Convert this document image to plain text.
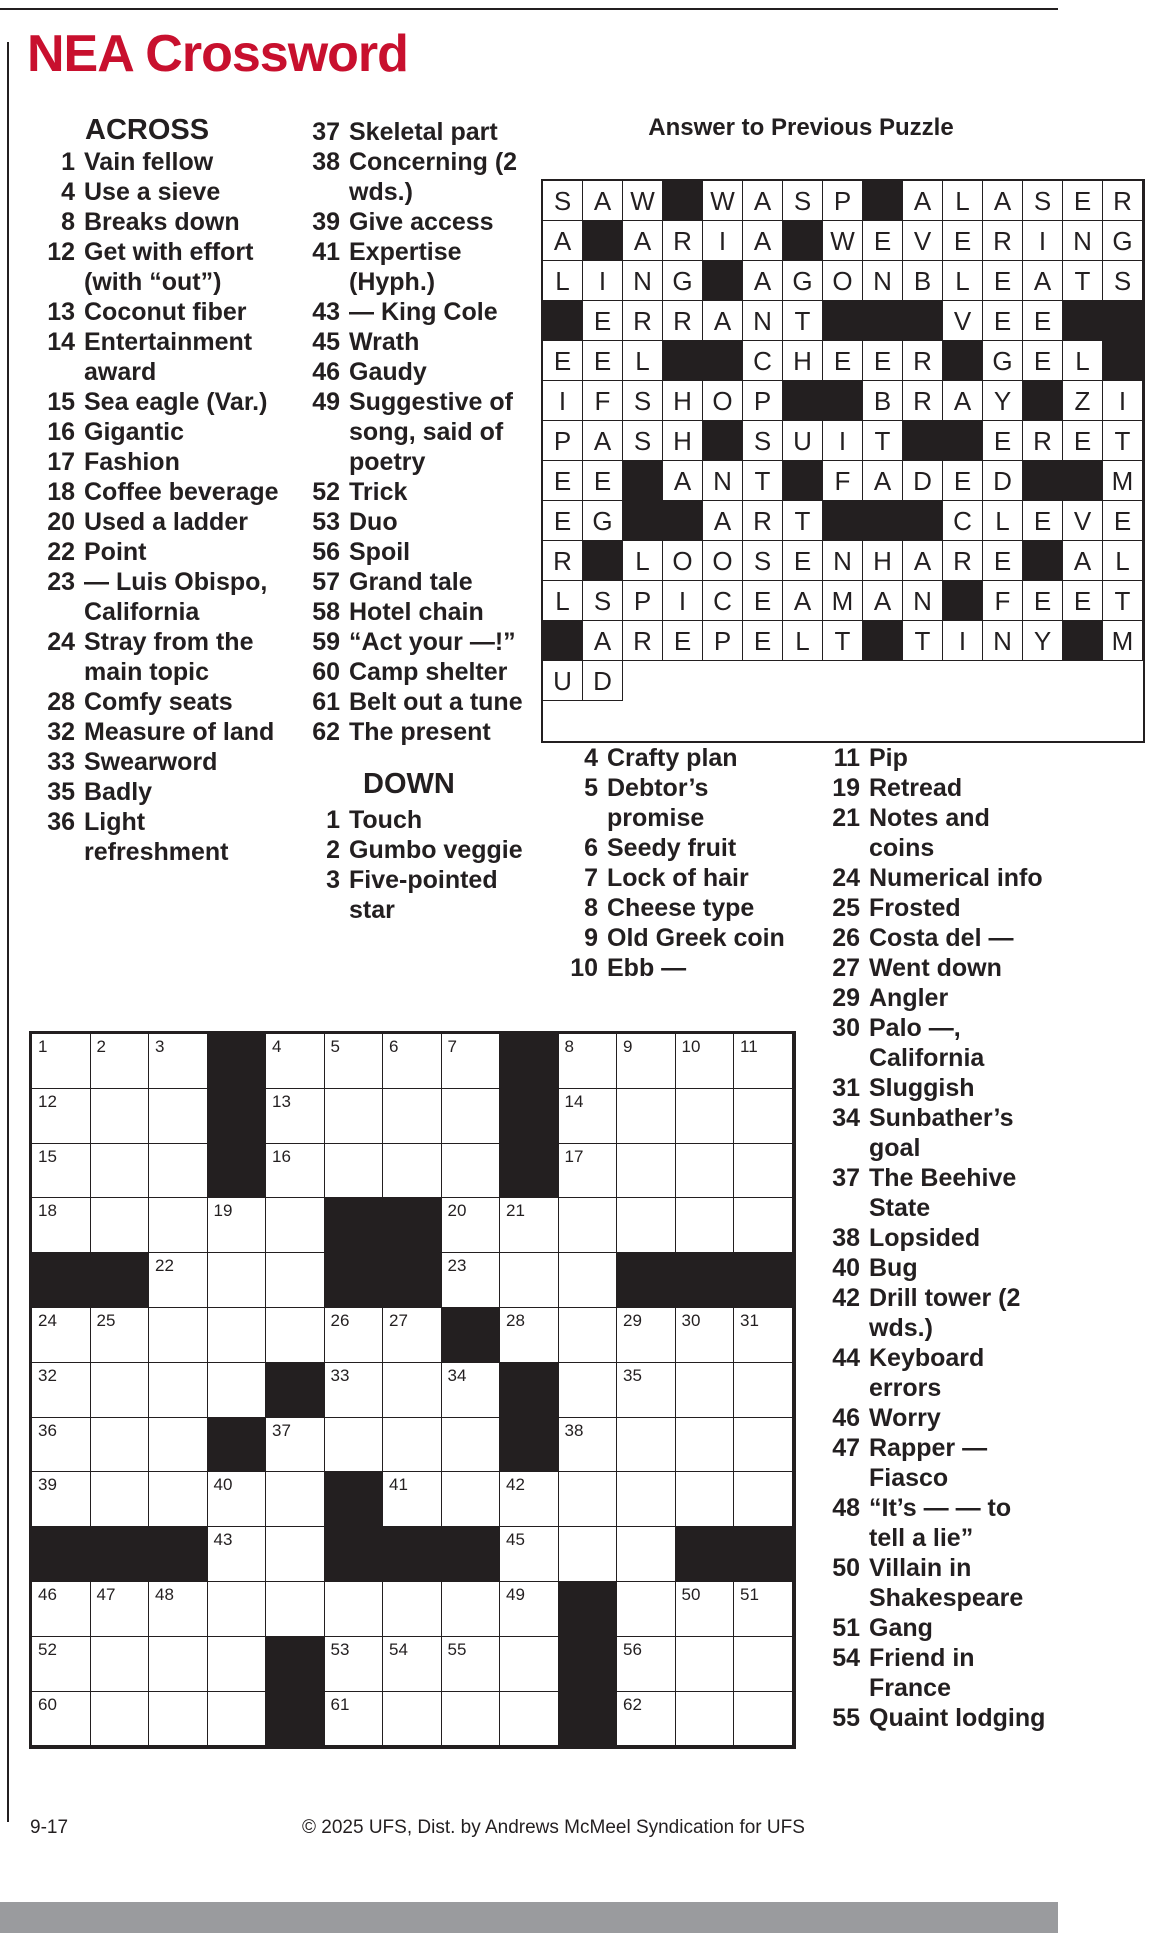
NEA Crossword
ACROSS
1 Vain fellow
4 Use a sieve
8 Breaks down
12 Get with effort (with “out”)
13 Coconut fiber
14 Entertainment award
15 Sea eagle (Var.)
16 Gigantic
17 Fashion
18 Coffee beverage
20 Used a ladder
22 Point
23 — Luis Obispo, California
24 Stray from the main topic
28 Comfy seats
32 Measure of land
33 Swearword
35 Badly
36 Light refreshment
37 Skeletal part
38 Concerning (2 wds.)
39 Give access
41 Expertise (Hyph.)
43 — King Cole
45 Wrath
46 Gaudy
49 Suggestive of song, said of poetry
52 Trick
53 Duo
56 Spoil
57 Grand tale
58 Hotel chain
59 “Act your —!”
60 Camp shelter
61 Belt out a tune
62 The present
DOWN
1 Touch
2 Gumbo veggie
3 Five-pointed star
4 Crafty plan
5 Debtor’s promise
6 Seedy fruit
7 Lock of hair
8 Cheese type
9 Old Greek coin
10 Ebb —
11 Pip
19 Retread
21 Notes and coins
24 Numerical info
25 Frosted
26 Costa del —
27 Went down
29 Angler
30 Palo —, California
31 Sluggish
34 Sunbather’s goal
37 The Beehive State
38 Lopsided
40 Bug
42 Drill tower (2 wds.)
44 Keyboard errors
46 Worry
47 Rapper — Fiasco
48 “It’s — — to tell a lie”
50 Villain in Shakespeare
51 Gang
54 Friend in France
55 Quaint lodging
Answer to Previous Puzzle
S A W	W A S P	A L A S E R
A	A R	I	A	W E V E R	I	N G
L	I	N G	A G O N B L E A T S
E R R A N T	V E E
E E L	C H E E R	G E L
I	F S H O P	B R A Y	Z	I
P A S H	S U	I	T	E R E T
E E	A N T	F A D E D	M
E G	A R T	C L E V E
R	L O O S E N H A R E	A L
L S P	I	C E A M A N	F E E T
A R E P E L T	T	I	N Y	M
U D
1	2	3	4	5	6	7	8	9	10 11
12	13	14
15	16	17
18	19	20 21
22	23
24 25	26 27	28	29 30 31
32	33	34	35
36	37	38
39	40	41	42
43	45
46 47 48	49	50 51
52	53 54 55	56
60	61	62
9-17	© 2025 UFS, Dist. by Andrews McMeel Syndication for UFS
